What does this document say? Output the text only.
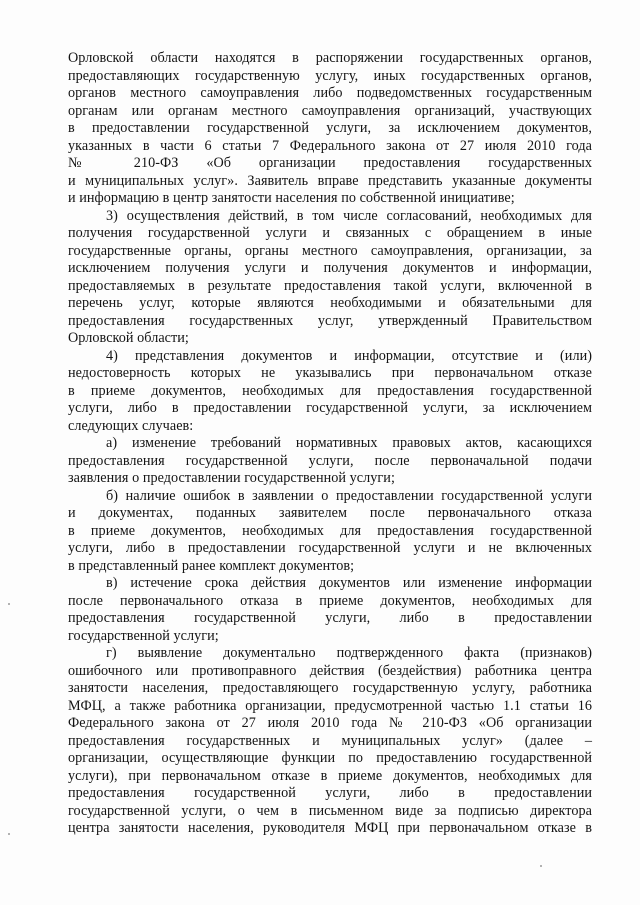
Орловской области находятся в распоряжении государственных органов,
предоставляющих государственную услугу, иных государственных органов,
органов местного самоуправления либо подведомственных государственным
органам или органам местного самоуправления организаций, участвующих
в предоставлении государственной услуги, за исключением документов,
указанных в части 6 статьи 7 Федерального закона от 27 июля 2010 года
№ 210-ФЗ «Об организации предоставления государственных
и муниципальных услуг». Заявитель вправе представить указанные документы
и информацию в центр занятости населения по собственной инициативе;
3) осуществления действий, в том числе согласований, необходимых для
получения государственной услуги и связанных с обращением в иные
государственные органы, органы местного самоуправления, организации, за
исключением получения услуги и получения документов и информации,
предоставляемых в результате предоставления такой услуги, включенной в
перечень услуг, которые являются необходимыми и обязательными для
предоставления государственных услуг, утвержденный Правительством
Орловской области;
4) представления документов и информации, отсутствие и (или)
недостоверность которых не указывались при первоначальном отказе
в приеме документов, необходимых для предоставления государственной
услуги, либо в предоставлении государственной услуги, за исключением
следующих случаев:
а) изменение требований нормативных правовых актов, касающихся
предоставления государственной услуги, после первоначальной подачи
заявления о предоставлении государственной услуги;
б) наличие ошибок в заявлении о предоставлении государственной услуги
и документах, поданных заявителем после первоначального отказа
в приеме документов, необходимых для предоставления государственной
услуги, либо в предоставлении государственной услуги и не включенных
в представленный ранее комплект документов;
в) истечение срока действия документов или изменение информации
после первоначального отказа в приеме документов, необходимых для
предоставления государственной услуги, либо в предоставлении
государственной услуги;
г) выявление документально подтвержденного факта (признаков)
ошибочного или противоправного действия (бездействия) работника центра
занятости населения, предоставляющего государственную услугу, работника
МФЦ, а также работника организации, предусмотренной частью 1.1 статьи 16
Федерального закона от 27 июля 2010 года № 210-ФЗ «Об организации
предоставления государственных и муниципальных услуг» (далее –
организации, осуществляющие функции по предоставлению государственной
услуги), при первоначальном отказе в приеме документов, необходимых для
предоставления государственной услуги, либо в предоставлении
государственной услуги, о чем в письменном виде за подписью директора
центра занятости населения, руководителя МФЦ при первоначальном отказе в
